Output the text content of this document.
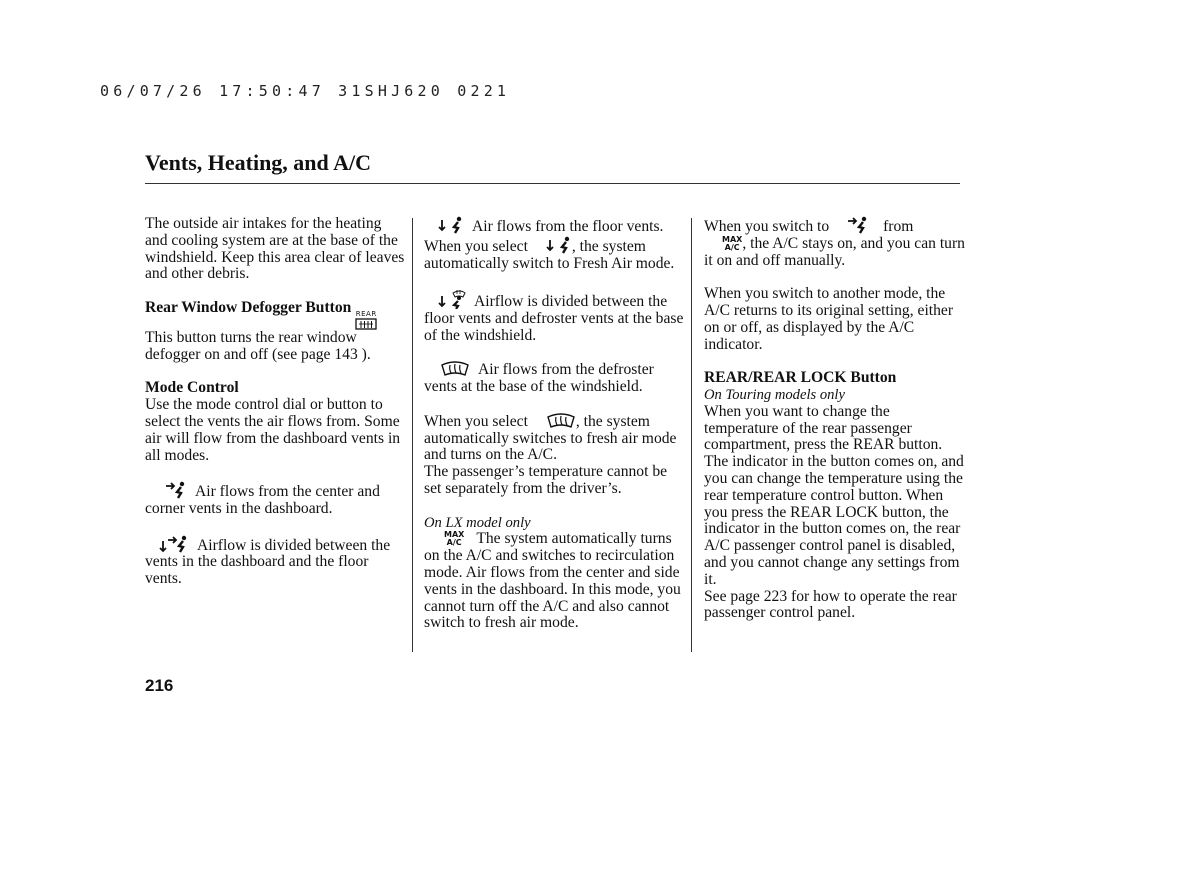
06/07/26 17:50:47 31SHJ620 0221
Vents, Heating, and A/C

The outside air intakes for the heating and cooling system are at the base of the windshield. Keep this area clear of leaves and other debris.

Rear Window Defogger Button REAR

This button turns the rear window defogger on and off (see page 143 ).

Mode Control

Use the mode control dial or button to select the vents the air flows from. Some air will flow from the dashboard vents in all modes.

Air flows from the center and corner vents in the dashboard.

Airflow is divided between the vents in the dashboard and the floor vents.

Air flows from the floor vents. When you select	, the system automatically switch to Fresh Air mode.

Airflow is divided between the floor vents and defroster vents at the base of the windshield.

Air flows from the defroster vents at the base of the windshield.

When you select	, the system automatically switches to fresh air mode and turns on the A/C.

The passenger’s temperature cannot be set separately from the driver’s.

On LX model only

MAX
A/C The system automatically turns on the A/C and switches to recirculation mode. Air flows from the center and side vents in the dashboard. In this mode, you cannot turn off the A/C and also cannot switch to fresh air mode.

When you switch to	from

MAX
A/C , the A/C stays on, and you can turn it on and off manually.

When you switch to another mode, the A/C returns to its original setting, either on or off, as displayed by the A/C indicator.

REAR/REAR LOCK Button

On Touring models only

When you want to change the temperature of the rear passenger compartment, press the REAR button. The indicator in the button comes on, and you can change the temperature using the rear temperature control button. When you press the REAR LOCK button, the indicator in the button comes on, the rear A/C passenger control panel is disabled, and you cannot change any settings from it.

See page 223 for how to operate the rear passenger control panel.

216
